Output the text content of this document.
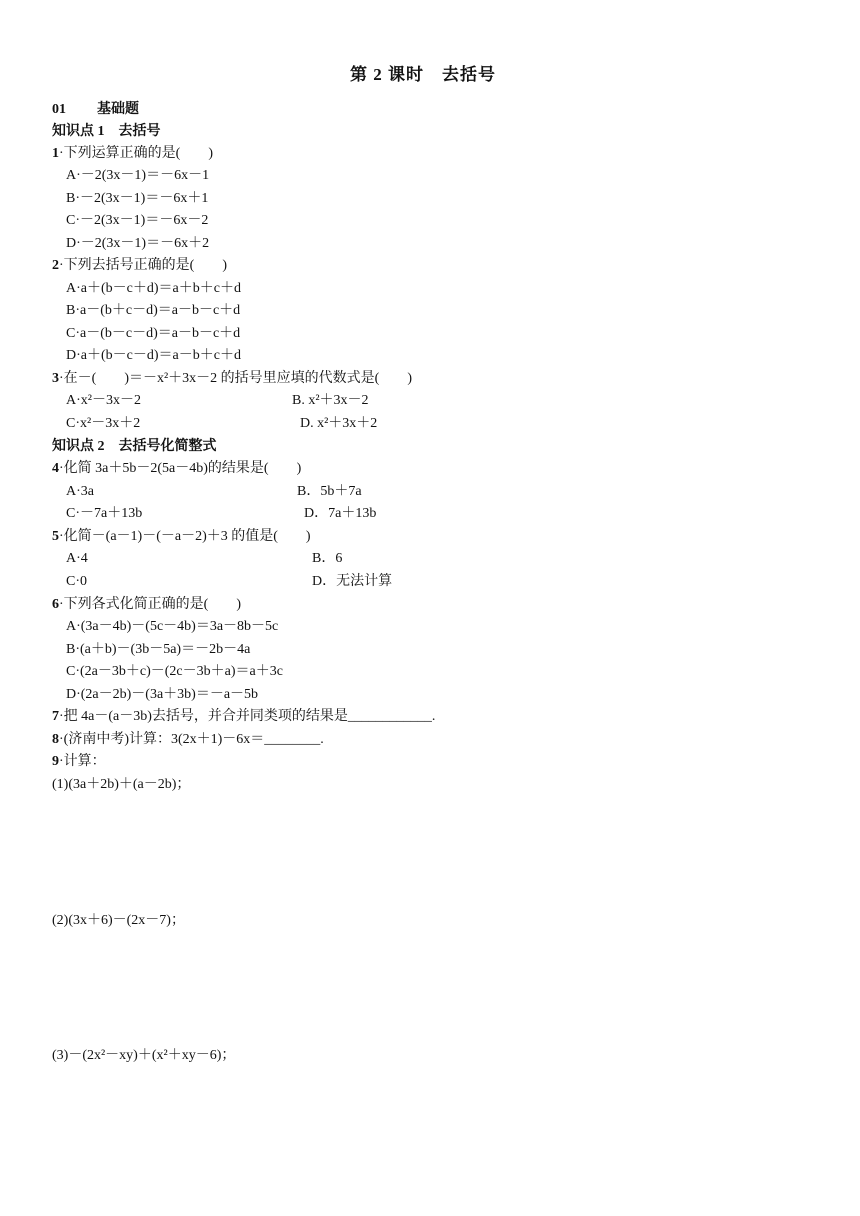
第 2 课时　去括号
01 基础题
知识点 1　去括号
1·下列运算正确的是(　　)
A·－2(3x－1)＝－6x－1
B·－2(3x－1)＝－6x＋1
C·－2(3x－1)＝－6x－2
D·－2(3x－1)＝－6x＋2
2·下列去括号正确的是(　　)
A·a＋(b－c＋d)＝a＋b＋c＋d
B·a－(b＋c－d)＝a－b－c＋d
C·a－(b－c－d)＝a－b－c＋d
D·a＋(b－c－d)＝a－b＋c＋d
3·在－(　　)＝－x²＋3x－2 的括号里应填的代数式是(　　)
A·x²－3x－2	B. x²＋3x－2
C·x²－3x＋2	D. x²＋3x＋2
知识点 2　去括号化简整式
4·化简 3a＋5b－2(5a－4b)的结果是(　　)
A·3a	B．5b＋7a
C·－7a＋13b	D．7a＋13b
5·化简－(a－1)－(－a－2)＋3 的值是(　　)
A·4	B．6
C·0	D．无法计算
6·下列各式化简正确的是(　　)
A·(3a－4b)－(5c－4b)＝3a－8b－5c
B·(a＋b)－(3b－5a)＝－2b－4a
C·(2a－3b＋c)－(2c－3b＋a)＝a＋3c
D·(2a－2b)－(3a＋3b)＝－a－5b
7·把 4a－(a－3b)去括号，并合并同类项的结果是____________.
8·(济南中考)计算：3(2x＋1)－6x＝________.
9·计算：
(1)(3a＋2b)＋(a－2b)；
(2)(3x＋6)－(2x－7)；
(3)－(2x²－xy)＋(x²＋xy－6)；
